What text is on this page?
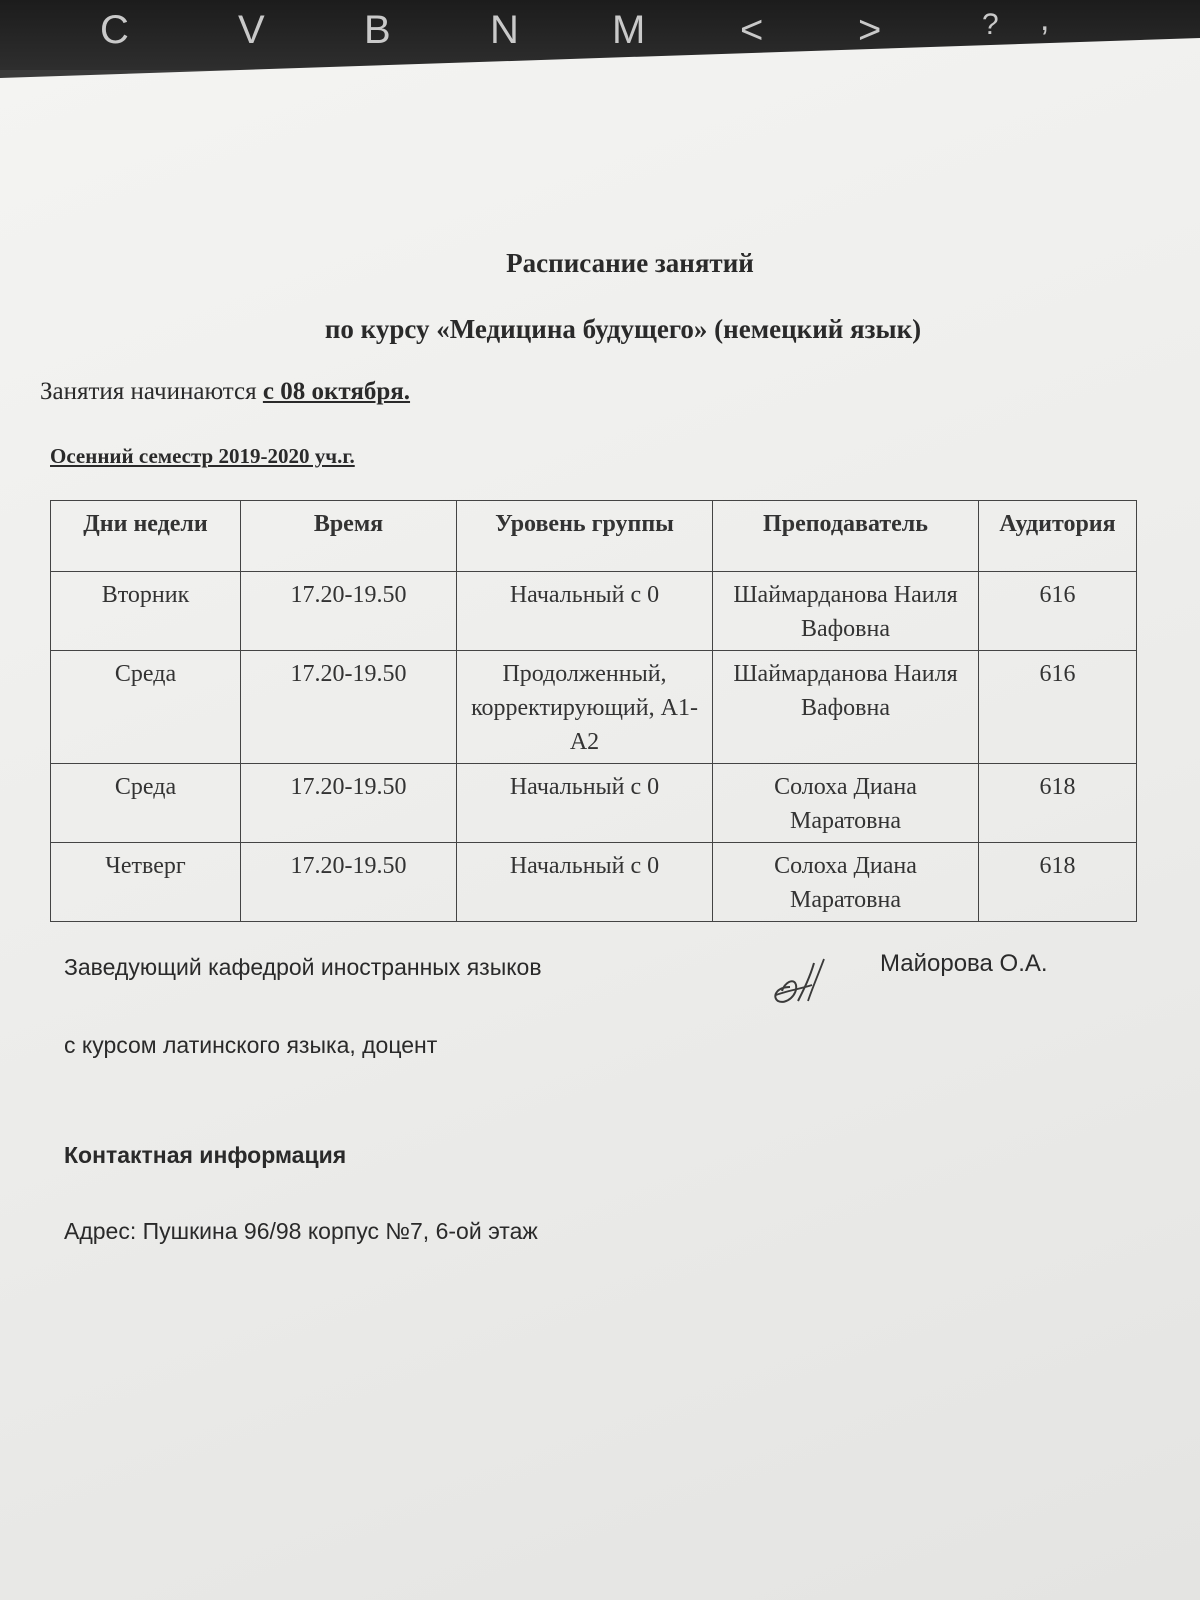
C	V B N M < >	? ,
Расписание занятий
по курсу «Медицина будущего» (немецкий язык)
Занятия начинаются с 08 октября.
Осенний семестр 2019-2020 уч.г.
Дни недели	Время	Уровень группы	Преподаватель	Аудитория
Вторник	17.20-19.50	Начальный с 0	Шаймарданова Наиля Вафовна	616
Среда	17.20-19.50	Продолженный, корректирующий, А1-А2	Шаймарданова Наиля Вафовна	616
Среда	17.20-19.50	Начальный с 0	Солоха Диана Маратовна	618
Четверг	17.20-19.50	Начальный с 0	Солоха Диана Маратовна	618
Заведующий кафедрой иностранных языков
с курсом латинского языка, доцент
Майорова О.А.
Контактная информация
Адрес: Пушкина 96/98 корпус №7, 6-ой этаж
